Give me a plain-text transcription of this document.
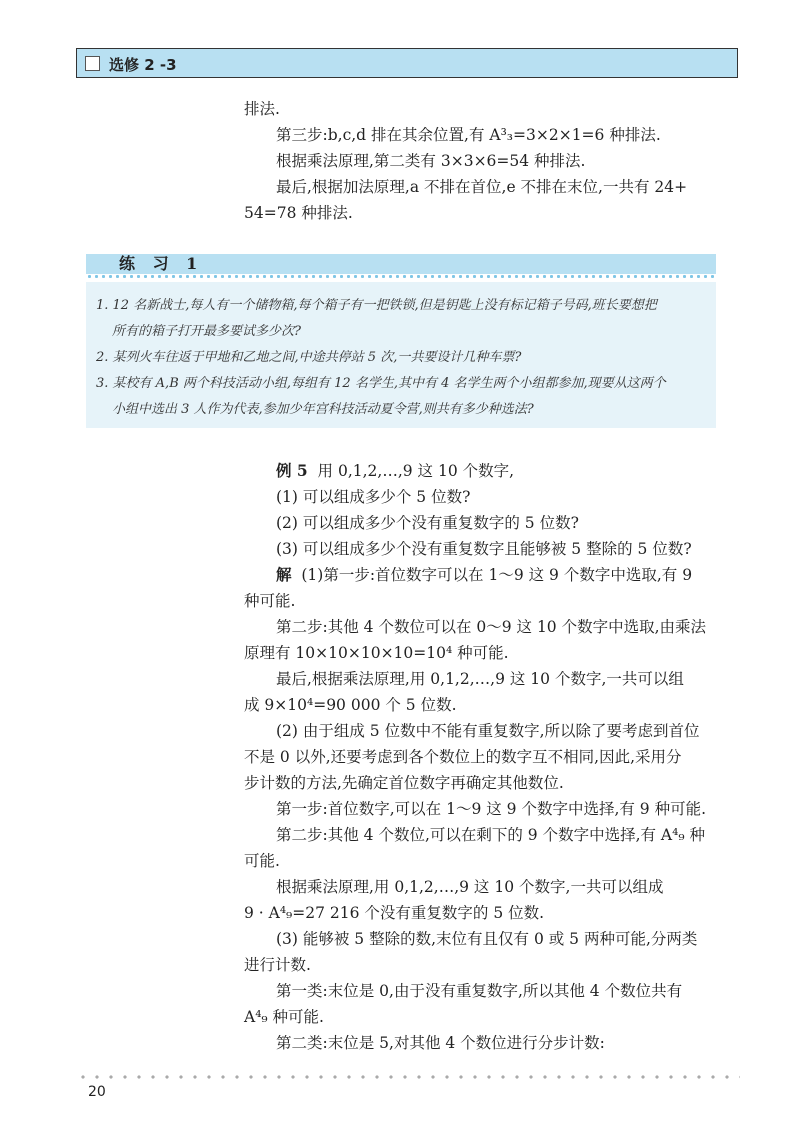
选修 2 -3
排法.
第三步:b,c,d 排在其余位置,有 A³₃=3×2×1=6 种排法.
根据乘法原理,第二类有 3×3×6=54 种排法.
最后,根据加法原理,a 不排在首位,e 不排在末位,一共有 24+
54=78 种排法.
练 习 1
1. 12 名新战士,每人有一个储物箱,每个箱子有一把铁锁,但是钥匙上没有标记箱子号码,班长要想把
所有的箱子打开最多要试多少次?
2. 某列火车往返于甲地和乙地之间,中途共停站 5 次,一共要设计几种车票?
3. 某校有 A,B 两个科技活动小组,每组有 12 名学生,其中有 4 名学生两个小组都参加,现要从这两个
小组中选出 3 人作为代表,参加少年宫科技活动夏令营,则共有多少种选法?
例 5 用 0,1,2,…,9 这 10 个数字,
(1) 可以组成多少个 5 位数?
(2) 可以组成多少个没有重复数字的 5 位数?
(3) 可以组成多少个没有重复数字且能够被 5 整除的 5 位数?
解 (1)第一步:首位数字可以在 1～9 这 9 个数字中选取,有 9
种可能.
第二步:其他 4 个数位可以在 0～9 这 10 个数字中选取,由乘法
原理有 10×10×10×10=10⁴ 种可能.
最后,根据乘法原理,用 0,1,2,…,9 这 10 个数字,一共可以组
成 9×10⁴=90 000 个 5 位数.
(2) 由于组成 5 位数中不能有重复数字,所以除了要考虑到首位
不是 0 以外,还要考虑到各个数位上的数字互不相同,因此,采用分
步计数的方法,先确定首位数字再确定其他数位.
第一步:首位数字,可以在 1～9 这 9 个数字中选择,有 9 种可能.
第二步:其他 4 个数位,可以在剩下的 9 个数字中选择,有 A⁴₉ 种
可能.
根据乘法原理,用 0,1,2,…,9 这 10 个数字,一共可以组成
9 · A⁴₉=27 216 个没有重复数字的 5 位数.
(3) 能够被 5 整除的数,末位有且仅有 0 或 5 两种可能,分两类
进行计数.
第一类:末位是 0,由于没有重复数字,所以其他 4 个数位共有
A⁴₉ 种可能.
第二类:末位是 5,对其他 4 个数位进行分步计数:
20
